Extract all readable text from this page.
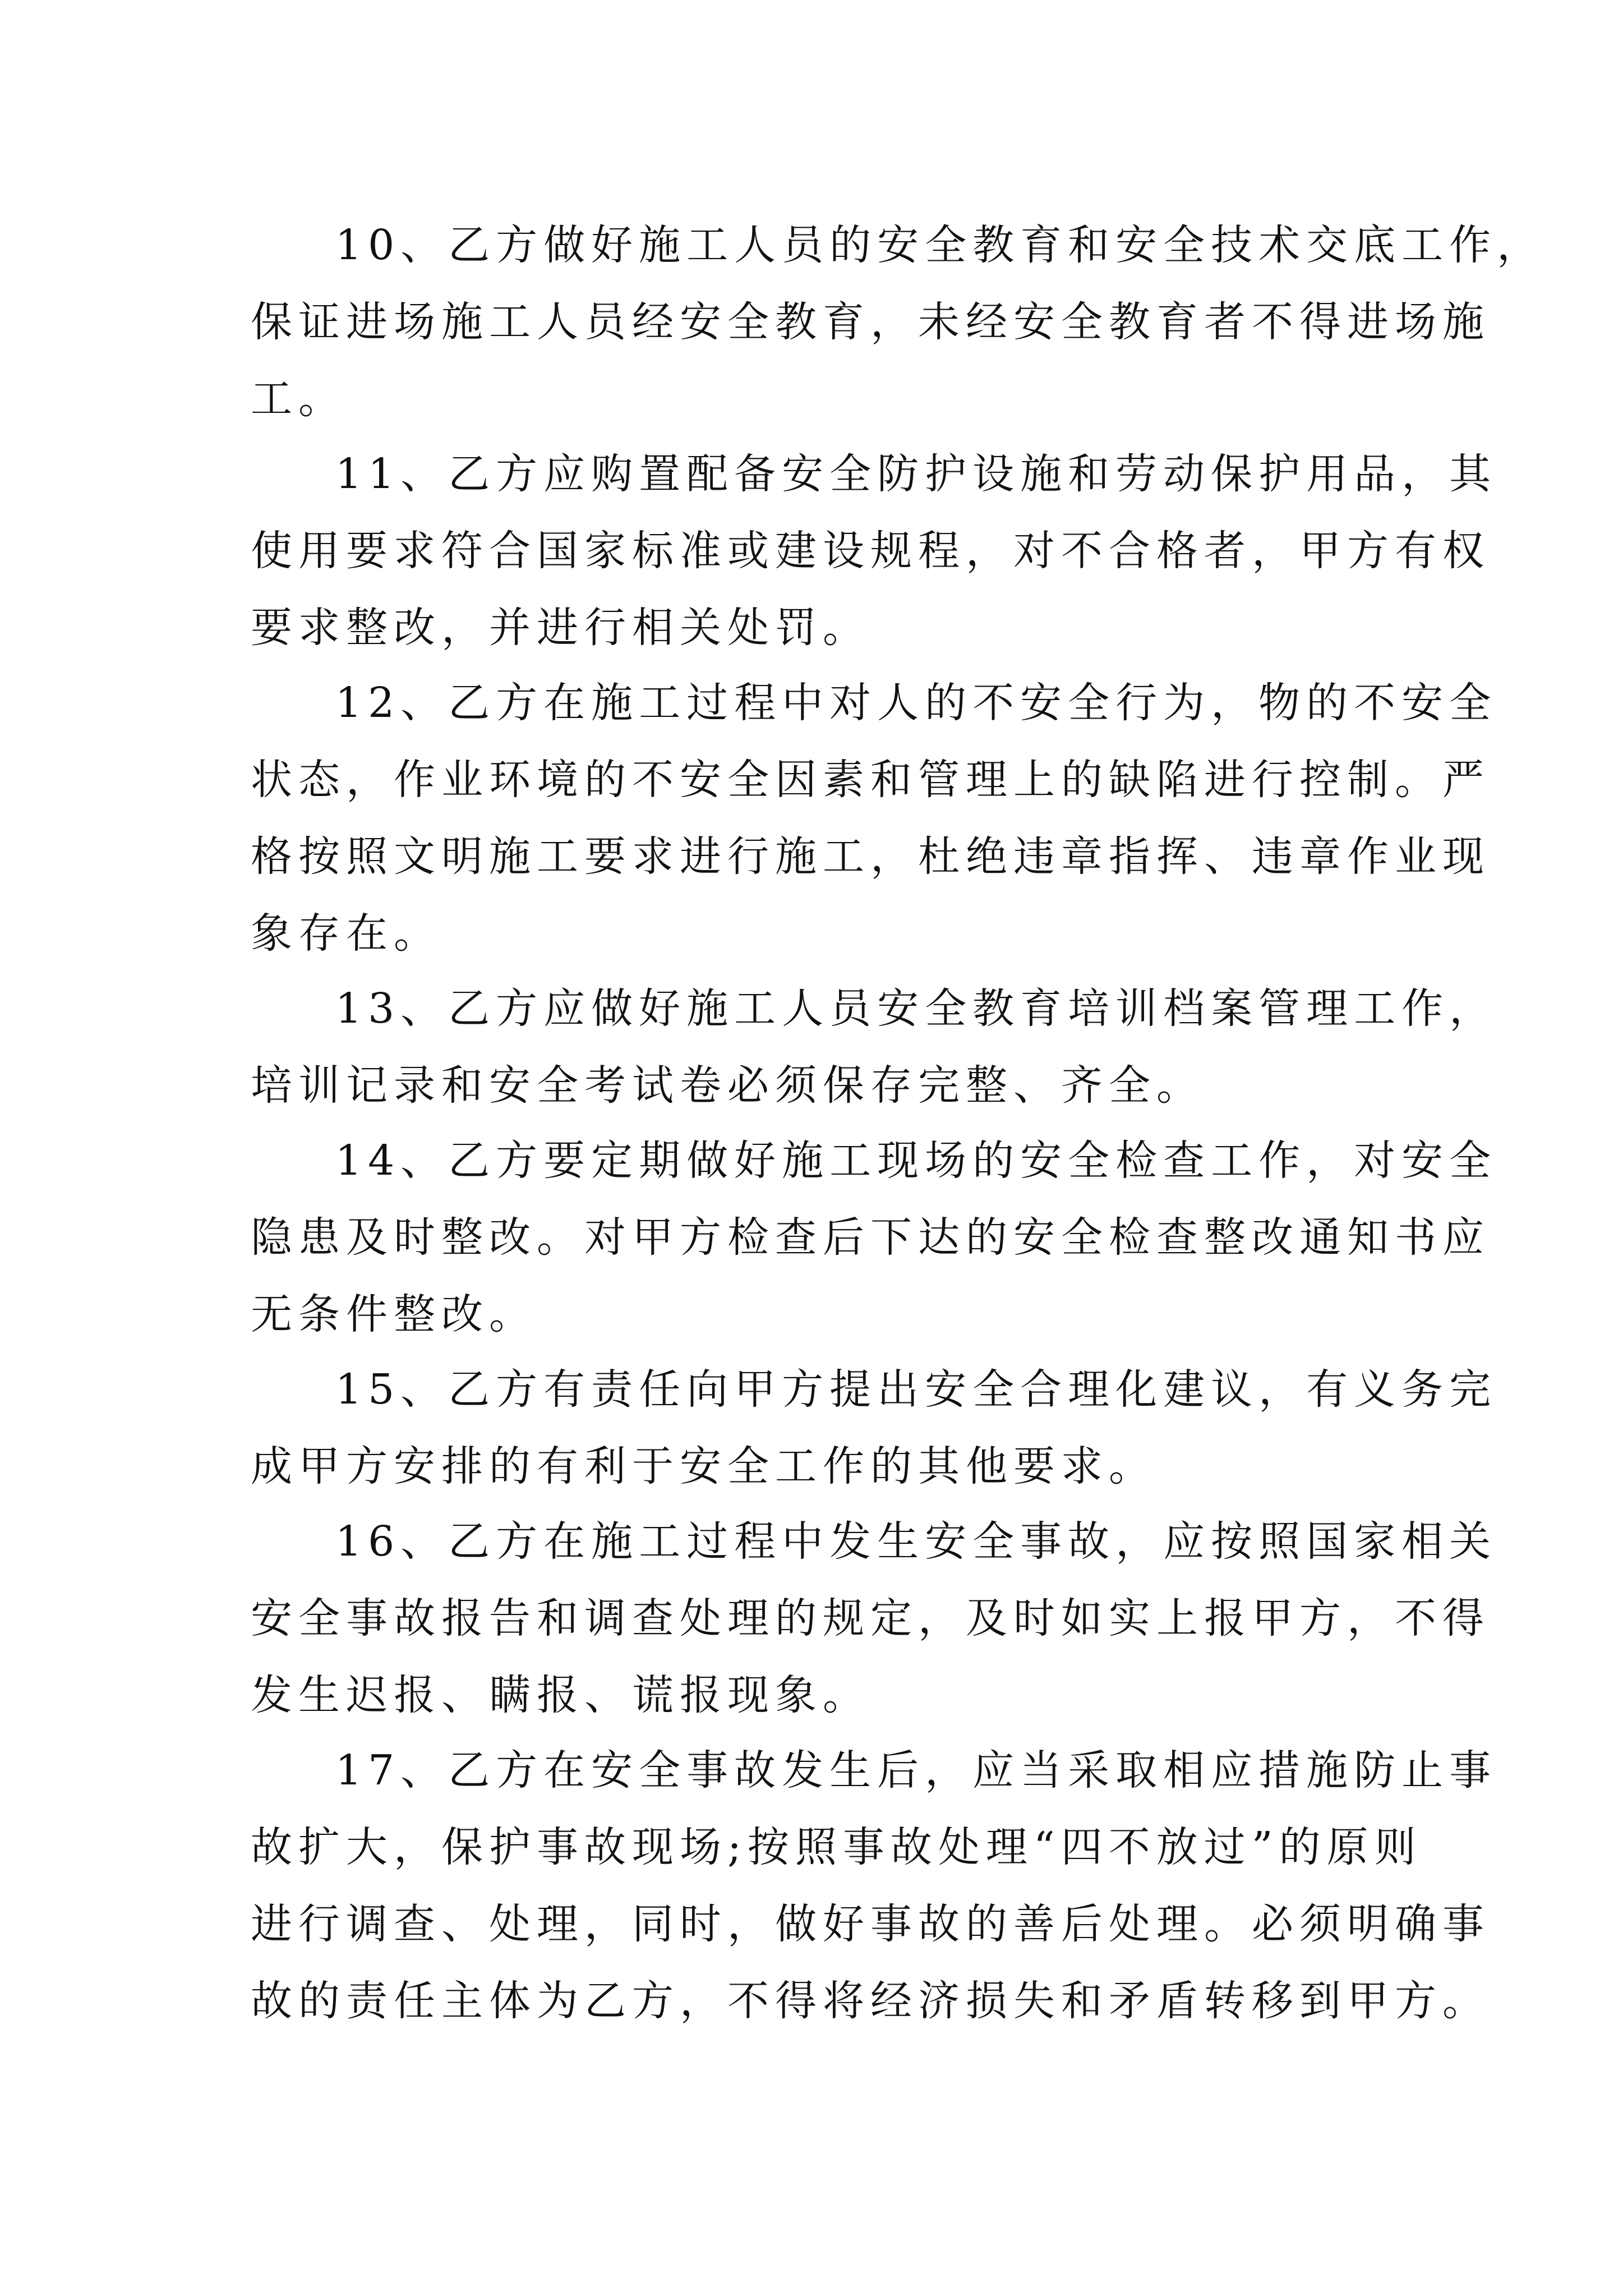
10、乙方做好施工人员的安全教育和安全技术交底工作，
保证进场施工人员经安全教育，未经安全教育者不得进场施
工。
11、乙方应购置配备安全防护设施和劳动保护用品，其
使用要求符合国家标准或建设规程，对不合格者，甲方有权
要求整改，并进行相关处罚。
12、乙方在施工过程中对人的不安全行为，物的不安全
状态，作业环境的不安全因素和管理上的缺陷进行控制。严
格按照文明施工要求进行施工，杜绝违章指挥、违章作业现
象存在。
13、乙方应做好施工人员安全教育培训档案管理工作，
培训记录和安全考试卷必须保存完整、齐全。
14、乙方要定期做好施工现场的安全检查工作，对安全
隐患及时整改。对甲方检查后下达的安全检查整改通知书应
无条件整改。
15、乙方有责任向甲方提出安全合理化建议，有义务完
成甲方安排的有利于安全工作的其他要求。
16、乙方在施工过程中发生安全事故，应按照国家相关
安全事故报告和调查处理的规定，及时如实上报甲方，不得
发生迟报、瞒报、谎报现象。
17、乙方在安全事故发生后，应当采取相应措施防止事
故扩大，保护事故现场;按照事故处理“四不放过”的原则
进行调查、处理，同时，做好事故的善后处理。必须明确事
故的责任主体为乙方，不得将经济损失和矛盾转移到甲方。
